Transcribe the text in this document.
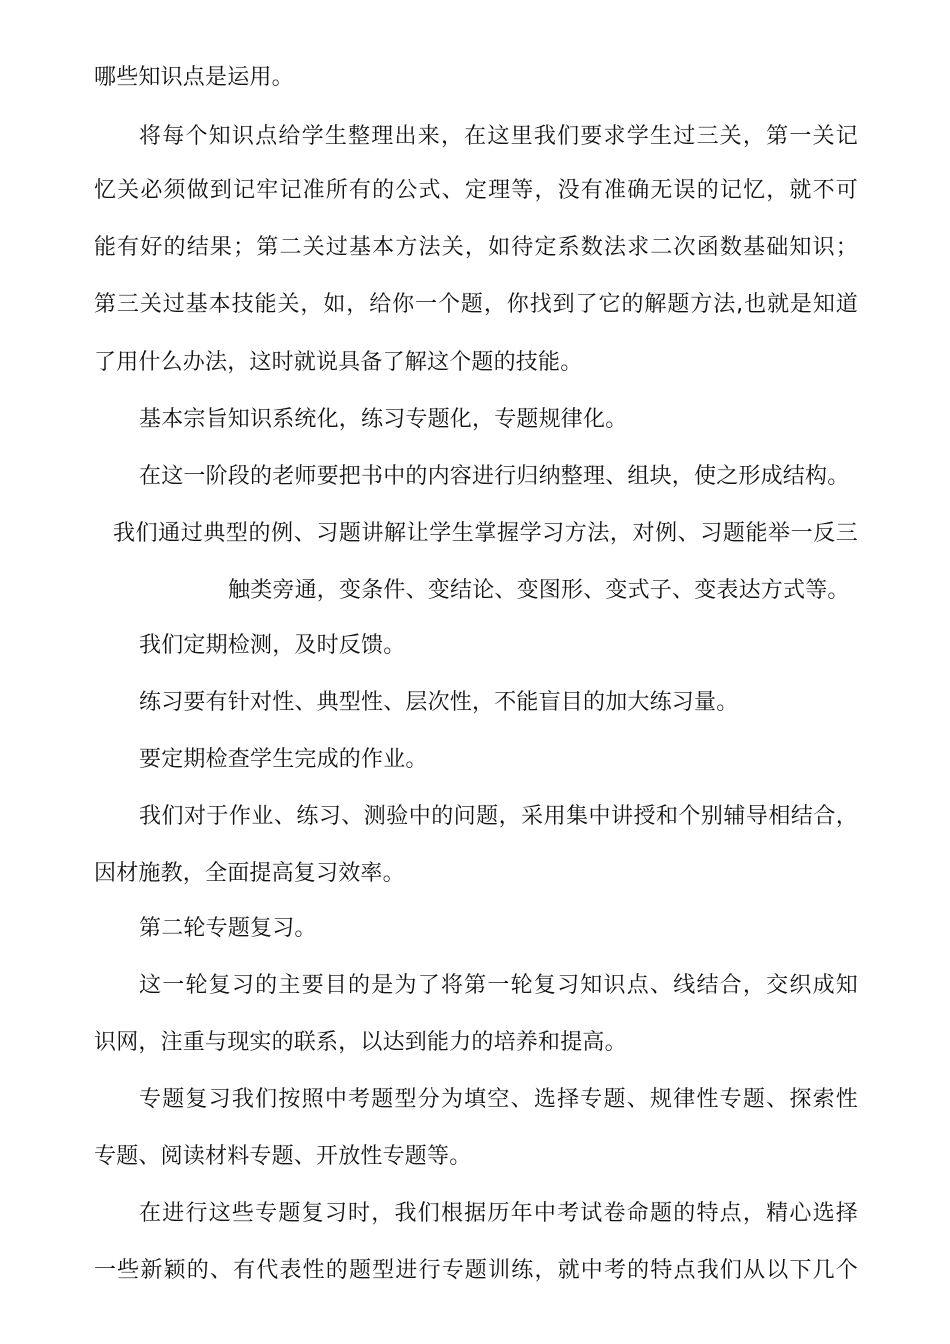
哪些知识点是运用。
将每个知识点给学生整理出来，在这里我们要求学生过三关，第一关记
忆关必须做到记牢记准所有的公式、定理等，没有准确无误的记忆，就不可
能有好的结果；第二关过基本方法关，如待定系数法求二次函数基础知识；
第三关过基本技能关，如，给你一个题，你找到了它的解题方法,也就是知道
了用什么办法，这时就说具备了解这个题的技能。
基本宗旨知识系统化，练习专题化，专题规律化。
在这一阶段的老师要把书中的内容进行归纳整理、组块，使之形成结构。
我们通过典型的例、习题讲解让学生掌握学习方法，对例、习题能举一反三
触类旁通，变条件、变结论、变图形、变式子、变表达方式等。
我们定期检测，及时反馈。
练习要有针对性、典型性、层次性，不能盲目的加大练习量。
要定期检查学生完成的作业。
我们对于作业、练习、测验中的问题，采用集中讲授和个别辅导相结合，
因材施教，全面提高复习效率。
第二轮专题复习。
这一轮复习的主要目的是为了将第一轮复习知识点、线结合，交织成知
识网，注重与现实的联系，以达到能力的培养和提高。
专题复习我们按照中考题型分为填空、选择专题、规律性专题、探索性
专题、阅读材料专题、开放性专题等。
在进行这些专题复习时，我们根据历年中考试卷命题的特点，精心选择
一些新颖的、有代表性的题型进行专题训练，就中考的特点我们从以下几个
